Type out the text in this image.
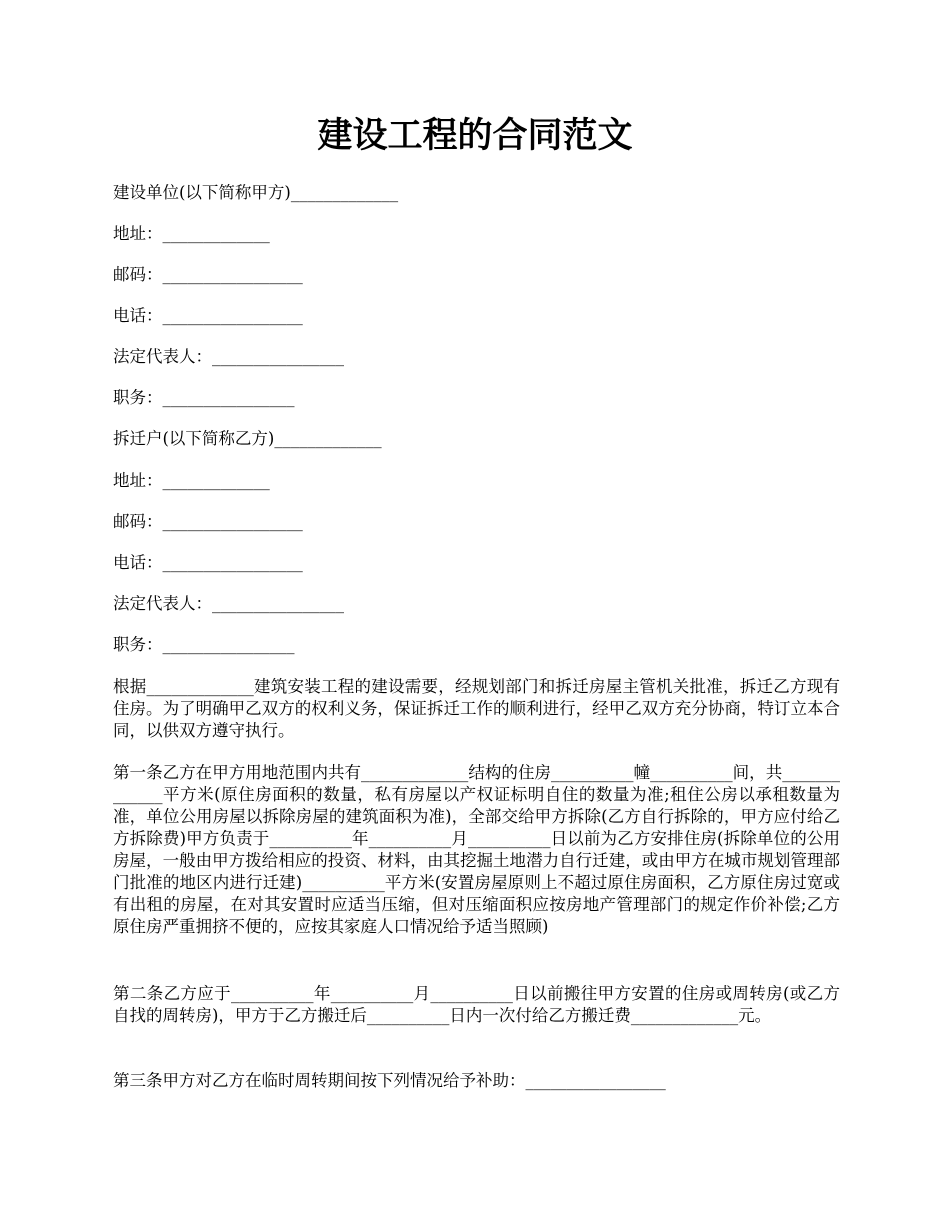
建设工程的合同范文

建设单位(以下简称甲方)_____________

地址：_____________

邮码：_________________

电话：_________________

法定代表人：________________

职务：________________

拆迁户(以下简称乙方)_____________

地址：_____________

邮码：_________________

电话：_________________

法定代表人：________________

职务：________________

根据_____________建筑安装工程的建设需要，经规划部门和拆迁房屋主管机关批准，拆迁乙方现有住房。为了明确甲乙双方的权利义务，保证拆迁工作的顺利进行，经甲乙双方充分协商，特订立本合同，以供双方遵守执行。

第一条乙方在甲方用地范围内共有_____________结构的住房__________幢__________间，共_____________平方米(原住房面积的数量，私有房屋以产权证标明自住的数量为准;租住公房以承租数量为准，单位公用房屋以拆除房屋的建筑面积为准)，全部交给甲方拆除(乙方自行拆除的，甲方应付给乙方拆除费)甲方负责于__________年__________月__________日以前为乙方安排住房(拆除单位的公用房屋，一般由甲方拨给相应的投资、材料，由其挖掘土地潜力自行迁建，或由甲方在城市规划管理部门批准的地区内进行迁建)__________平方米(安置房屋原则上不超过原住房面积，乙方原住房过宽或有出租的房屋，在对其安置时应适当压缩，但对压缩面积应按房地产管理部门的规定作价补偿;乙方原住房严重拥挤不便的，应按其家庭人口情况给予适当照顾)

第二条乙方应于__________年__________月__________日以前搬往甲方安置的住房或周转房(或乙方自找的周转房)，甲方于乙方搬迁后__________日内一次付给乙方搬迁费_____________元。

第三条甲方对乙方在临时周转期间按下列情况给予补助：_________________
